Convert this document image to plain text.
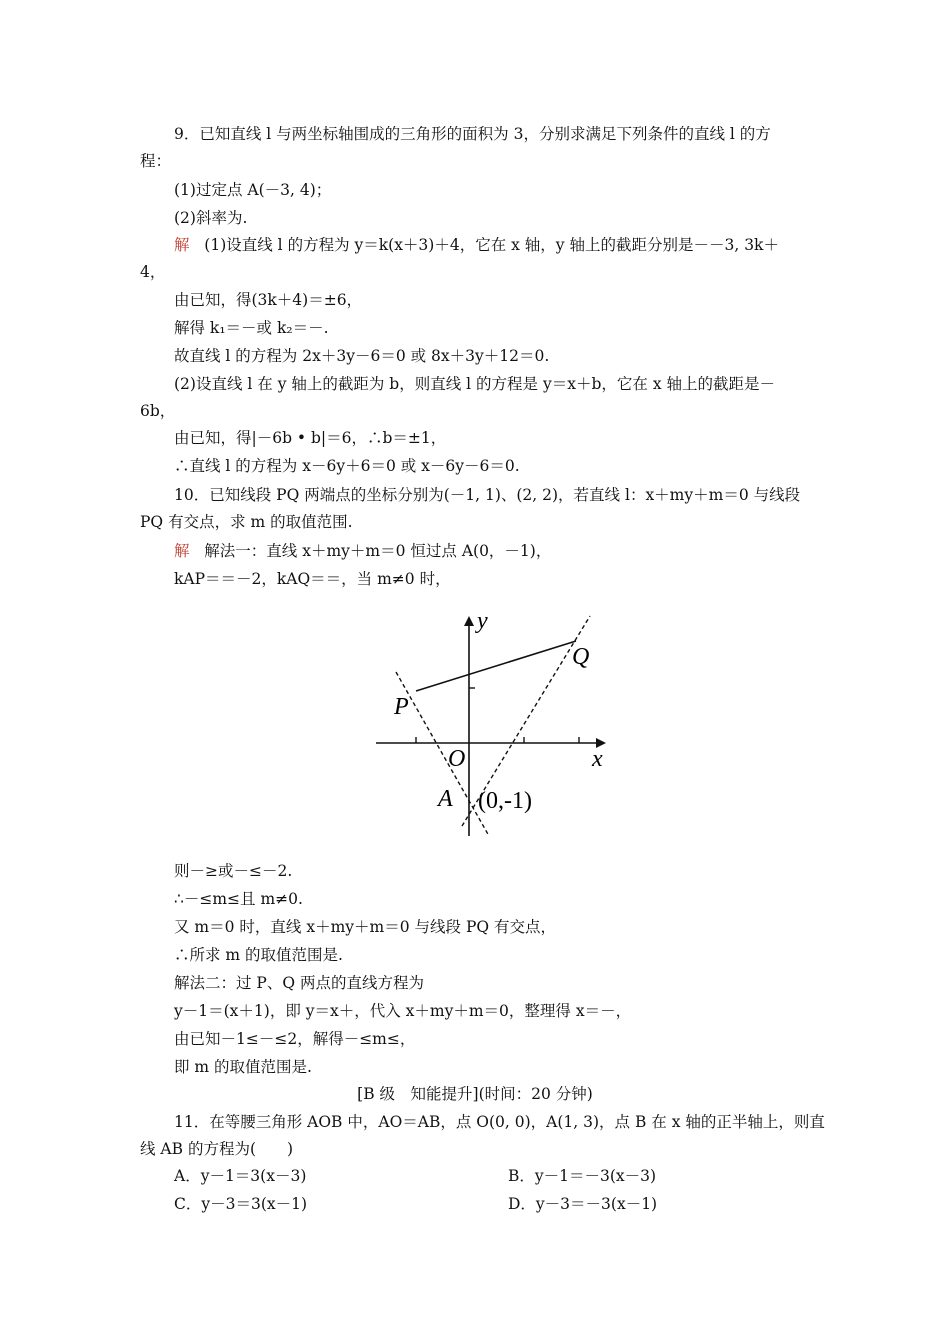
9．已知直线 l 与两坐标轴围成的三角形的面积为 3，分别求满足下列条件的直线 l 的方
程：
(1)过定点 A(－3, 4)；
(2)斜率为.
解 (1)设直线 l 的方程为 y＝k(x＋3)＋4，它在 x 轴，y 轴上的截距分别是－－3, 3k＋
4，
由已知，得(3k＋4)＝±6，
解得 k₁＝－或 k₂＝－.
故直线 l 的方程为 2x＋3y－6＝0 或 8x＋3y＋12＝0.
(2)设直线 l 在 y 轴上的截距为 b，则直线 l 的方程是 y＝x＋b，它在 x 轴上的截距是－
6b，
由已知，得|－6b • b|＝6，∴b＝±1，
∴直线 l 的方程为 x－6y＋6＝0 或 x－6y－6＝0.
10．已知线段 PQ 两端点的坐标分别为(－1, 1)、(2, 2)，若直线 l：x＋my＋m＝0 与线段
PQ 有交点，求 m 的取值范围.
解 解法一：直线 x＋my＋m＝0 恒过点 A(0，－1)，
kAP＝＝－2，kAQ＝＝，当 m≠0 时，
y
x
O
P
Q
A (0,-1)
则－≥或－≤－2.
∴－≤m≤且 m≠0.
又 m＝0 时，直线 x＋my＋m＝0 与线段 PQ 有交点，
∴所求 m 的取值范围是.
解法二：过 P、Q 两点的直线方程为
y－1＝(x＋1)，即 y＝x＋，代入 x＋my＋m＝0，整理得 x＝－，
由已知－1≤－≤2，解得－≤m≤，
即 m 的取值范围是.
[B 级　知能提升](时间：20 分钟)
11．在等腰三角形 AOB 中，AO＝AB，点 O(0, 0)，A(1, 3)，点 B 在 x 轴的正半轴上，则直
线 AB 的方程为(　　)
A．y－1＝3(x－3)	B．y－1＝－3(x－3)
C．y－3＝3(x－1)	D．y－3＝－3(x－1)
